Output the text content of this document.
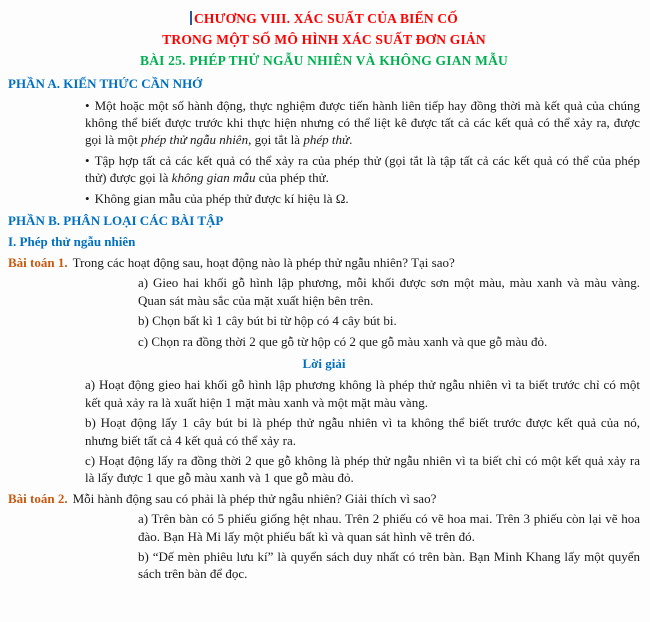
CHƯƠNG VIII. XÁC SUẤT CỦA BIẾN CỐ

TRONG MỘT SỐ MÔ HÌNH XÁC SUẤT ĐƠN GIẢN

BÀI 25. PHÉP THỬ NGẪU NHIÊN VÀ KHÔNG GIAN MẪU

PHẦN A. KIẾN THỨC CẦN NHỚ

• Một hoặc một số hành động, thực nghiệm được tiến hành liên tiếp hay đồng thời mà kết quả của chúng không thể biết được trước khi thực hiện nhưng có thể liệt kê được tất cả các kết quả có thể xảy ra, được gọi là một phép thử ngẫu nhiên, gọi tắt là phép thử.

• Tập hợp tất cả các kết quả có thể xảy ra của phép thử (gọi tắt là tập tất cả các kết quả có thể của phép thử) được gọi là không gian mẫu của phép thử.

• Không gian mẫu của phép thử được kí hiệu là Ω.

PHẦN B. PHÂN LOẠI CÁC BÀI TẬP

I. Phép thử ngẫu nhiên

Bài toán 1. Trong các hoạt động sau, hoạt động nào là phép thử ngẫu nhiên? Tại sao?

a) Gieo hai khối gỗ hình lập phương, mỗi khối được sơn một màu, màu xanh và màu vàng. Quan sát màu sắc của mặt xuất hiện bên trên.

b) Chọn bất kì 1 cây bút bi từ hộp có 4 cây bút bi.

c) Chọn ra đồng thời 2 que gỗ từ hộp có 2 que gỗ màu xanh và que gỗ màu đỏ.

Lời giải

a) Hoạt động gieo hai khối gỗ hình lập phương không là phép thử ngẫu nhiên vì ta biết trước chỉ có một kết quả xảy ra là xuất hiện 1 mặt màu xanh và một mặt màu vàng.

b) Hoạt động lấy 1 cây bút bi là phép thử ngẫu nhiên vì ta không thể biết trước được kết quả của nó, nhưng biết tất cả 4 kết quả có thể xảy ra.

c) Hoạt động lấy ra đồng thời 2 que gỗ không là phép thử ngẫu nhiên vì ta biết chỉ có một kết quả xảy ra là lấy được 1 que gỗ màu xanh và 1 que gỗ màu đỏ.

Bài toán 2. Mỗi hành động sau có phải là phép thử ngẫu nhiên? Giải thích vì sao?

a) Trên bàn có 5 phiếu giống hệt nhau. Trên 2 phiếu có vẽ hoa mai. Trên 3 phiếu còn lại vẽ hoa đào. Bạn Hà Mi lấy một phiếu bất kì và quan sát hình vẽ trên đó.

b) “Dế mèn phiêu lưu kí” là quyển sách duy nhất có trên bàn. Bạn Minh Khang lấy một quyển sách trên bàn để đọc.
